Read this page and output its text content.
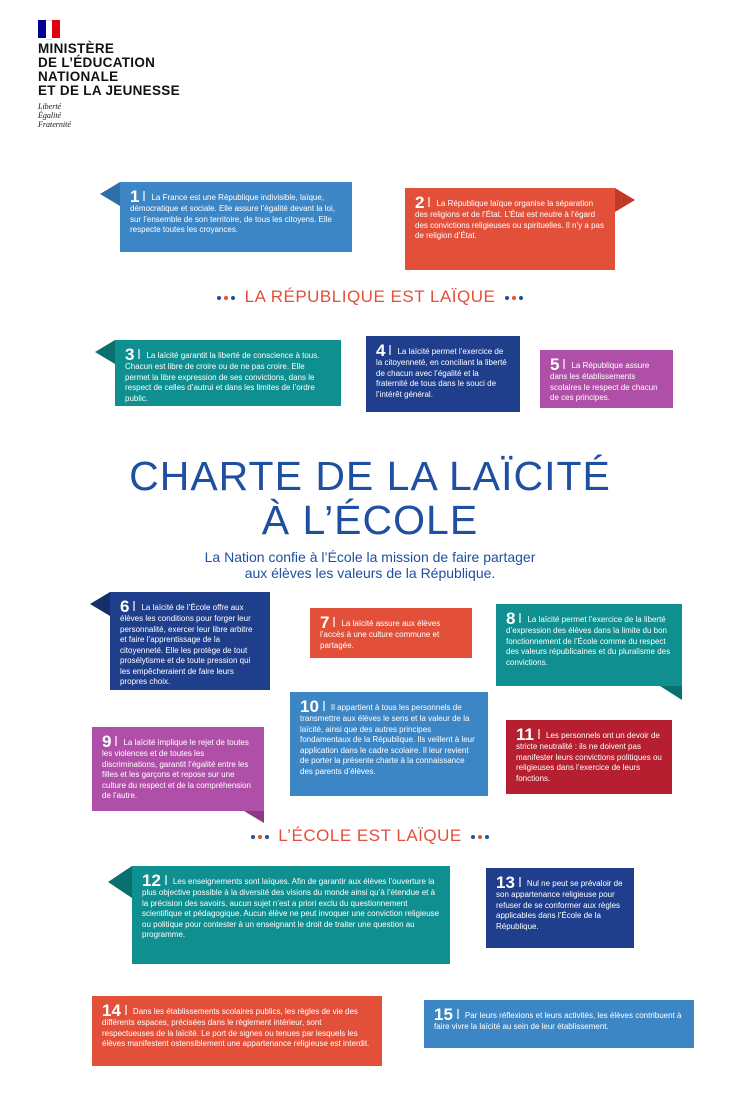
MINISTÈRE
DE L’ÉDUCATION
NATIONALE
ET DE LA JEUNESSE
Liberté
Égalité
Fraternité
1 La France est une République indivisible, laïque, démocratique et sociale. Elle assure l’égalité devant la loi, sur l’ensemble de son territoire, de tous les citoyens. Elle respecte toutes les croyances.
2 La République laïque organise la séparation des religions et de l’État. L’État est neutre à l’égard des convictions religieuses ou spirituelles. Il n’y a pas de religion d’État.
LA RÉPUBLIQUE EST LAÏQUE
3 La laïcité garantit la liberté de conscience à tous. Chacun est libre de croire ou de ne pas croire. Elle permet la libre expression de ses convictions, dans le respect de celles d’autrui et dans les limites de l’ordre public.
4 La laïcité permet l’exercice de la citoyenneté, en conciliant la liberté de chacun avec l’égalité et la fraternité de tous dans le souci de l’intérêt général.
5 La République assure dans les établissements scolaires le respect de chacun de ces principes.
CHARTE DE LA LAÏCITÉ
À L’ÉCOLE
La Nation confie à l’École la mission de faire partager
aux élèves les valeurs de la République.
6 La laïcité de l’École offre aux élèves les conditions pour forger leur personnalité, exercer leur libre arbitre et faire l’apprentissage de la citoyenneté. Elle les protège de tout prosélytisme et de toute pression qui les empêcheraient de faire leurs propres choix.
7 La laïcité assure aux élèves l’accès à une culture commune et partagée.
8 La laïcité permet l’exercice de la liberté d’expression des élèves dans la limite du bon fonctionnement de l’École comme du respect des valeurs républicaines et du pluralisme des convictions.
9 La laïcité implique le rejet de toutes les violences et de toutes les discriminations, garantit l’égalité entre les filles et les garçons et repose sur une culture du respect et de la compréhension de l’autre.
10 Il appartient à tous les personnels de transmettre aux élèves le sens et la valeur de la laïcité, ainsi que des autres principes fondamentaux de la République. Ils veillent à leur application dans le cadre scolaire. Il leur revient de porter la présente charte à la connaissance des parents d’élèves.
11 Les personnels ont un devoir de stricte neutralité : ils ne doivent pas manifester leurs convictions politiques ou religieuses dans l’exercice de leurs fonctions.
L’ÉCOLE EST LAÏQUE
12 Les enseignements sont laïques. Afin de garantir aux élèves l’ouverture la plus objective possible à la diversité des visions du monde ainsi qu’à l’étendue et à la précision des savoirs, aucun sujet n’est a priori exclu du questionnement scientifique et pédagogique. Aucun élève ne peut invoquer une conviction religieuse ou politique pour contester à un enseignant le droit de traiter une question au programme.
13 Nul ne peut se prévaloir de son appartenance religieuse pour refuser de se conformer aux règles applicables dans l’École de la République.
14 Dans les établissements scolaires publics, les règles de vie des différents espaces, précisées dans le règlement intérieur, sont respectueuses de la laïcité. Le port de signes ou tenues par lesquels les élèves manifestent ostensiblement une appartenance religieuse est interdit.
15 Par leurs réflexions et leurs activités, les élèves contribuent à faire vivre la laïcité au sein de leur établissement.
